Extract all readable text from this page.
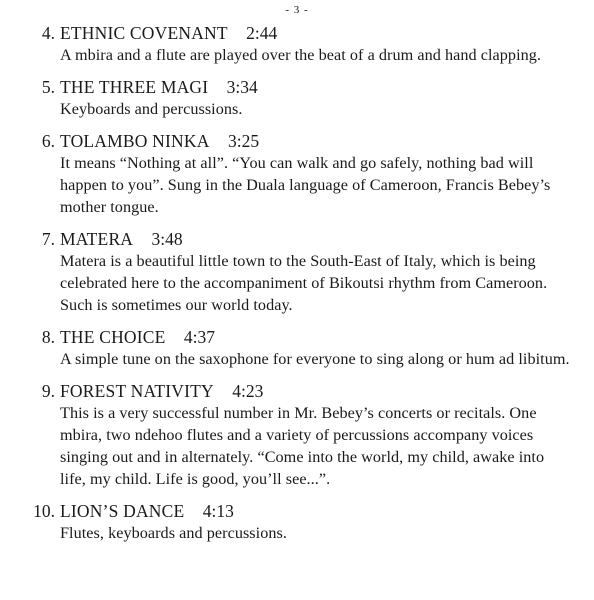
- 3 -
4. ETHNIC COVENANT 2:44
A mbira and a flute are played over the beat of a drum and hand clapping.
5. THE THREE MAGI 3:34
Keyboards and percussions.
6. TOLAMBO NINKA 3:25
It means “Nothing at all”. “You can walk and go safely, nothing bad will happen to you”. Sung in the Duala language of Cameroon, Francis Bebey’s mother tongue.
7. MATERA 3:48
Matera is a beautiful little town to the South-East of Italy, which is being celebrated here to the accompaniment of Bikoutsi rhythm from Cameroon. Such is sometimes our world today.
8. THE CHOICE 4:37
A simple tune on the saxophone for everyone to sing along or hum ad libitum.
9. FOREST NATIVITY 4:23
This is a very successful number in Mr. Bebey’s concerts or recitals. One mbira, two ndehoo flutes and a variety of percussions accompany voices singing out and in alternately. “Come into the world, my child, awake into life, my child. Life is good, you’ll see...”.
10. LION’S DANCE 4:13
Flutes, keyboards and percussions.
